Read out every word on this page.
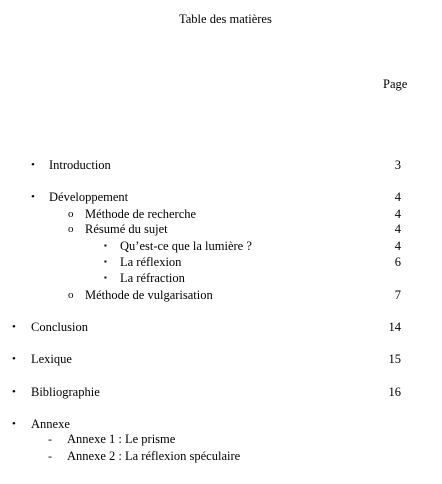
Table des matières
Page
• Introduction	3
• Développement	4
o Méthode de recherche	4
o Résumé du sujet	4
▪ Qu’est-ce que la lumière ?	4
▪ La réflexion	6
▪ La réfraction
o Méthode de vulgarisation	7
• Conclusion	14
• Lexique	15
• Bibliographie	16
• Annexe
- Annexe 1 : Le prisme
- Annexe 2 : La réflexion spéculaire
